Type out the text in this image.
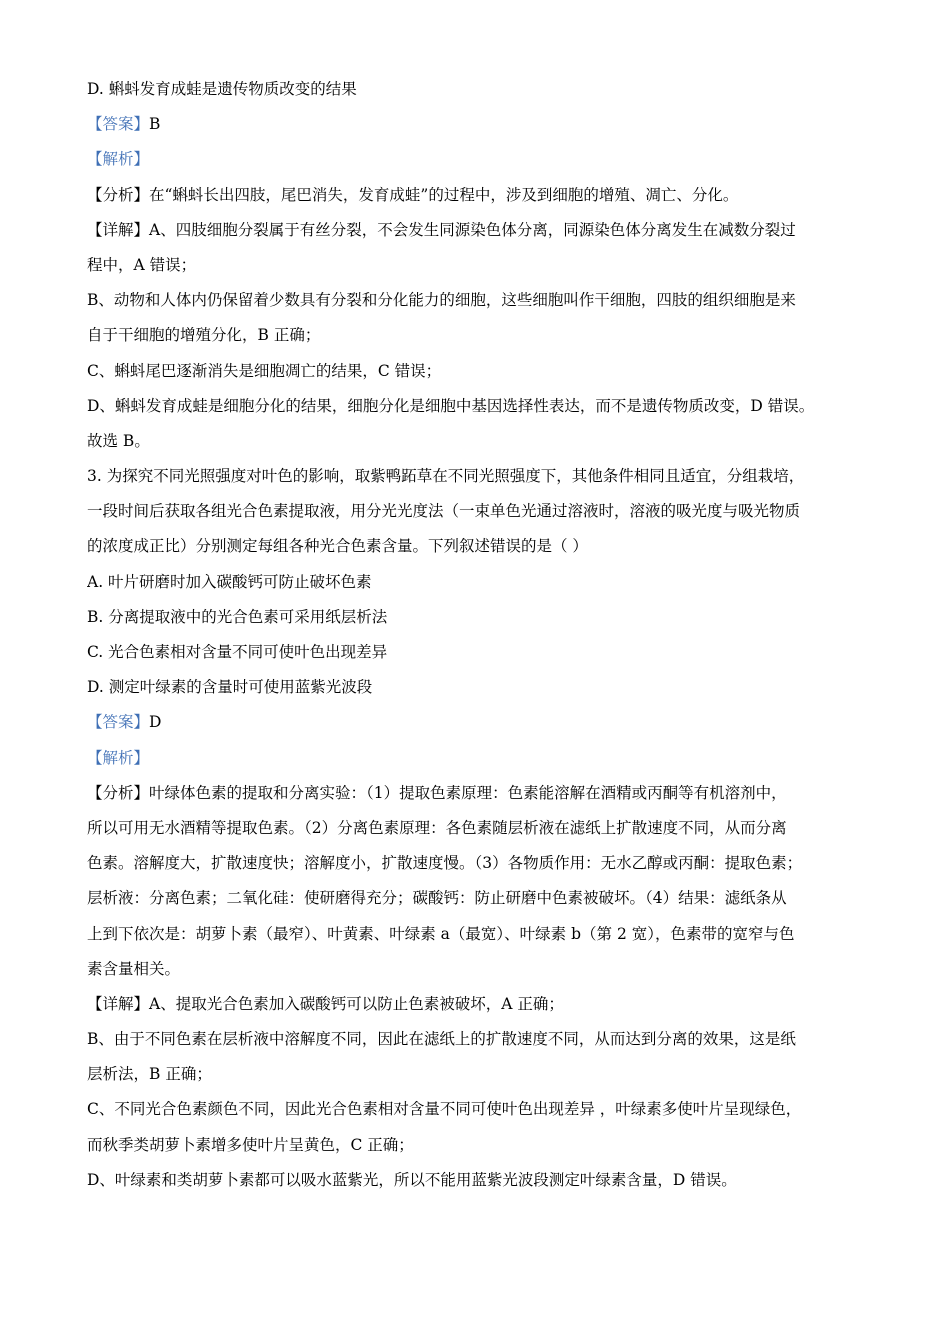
D. 蝌蚪发育成蛙是遗传物质改变的结果
【答案】B
【解析】
【分析】在“蝌蚪长出四肢，尾巴消失，发育成蛙”的过程中，涉及到细胞的增殖、凋亡、分化。
【详解】A、四肢细胞分裂属于有丝分裂，不会发生同源染色体分离，同源染色体分离发生在减数分裂过
程中，A 错误；
B、动物和人体内仍保留着少数具有分裂和分化能力的细胞，这些细胞叫作干细胞，四肢的组织细胞是来
自于干细胞的增殖分化，B 正确；
C、蝌蚪尾巴逐渐消失是细胞凋亡的结果，C 错误；
D、蝌蚪发育成蛙是细胞分化的结果，细胞分化是细胞中基因选择性表达，而不是遗传物质改变，D 错误。
故选 B。
3. 为探究不同光照强度对叶色的影响，取紫鸭跖草在不同光照强度下，其他条件相同且适宜，分组栽培，
一段时间后获取各组光合色素提取液，用分光光度法（一束单色光通过溶液时，溶液的吸光度与吸光物质
的浓度成正比）分别测定每组各种光合色素含量。下列叙述错误的是（ ）
A. 叶片研磨时加入碳酸钙可防止破坏色素
B. 分离提取液中的光合色素可采用纸层析法
C. 光合色素相对含量不同可使叶色出现差异
D. 测定叶绿素的含量时可使用蓝紫光波段
【答案】D
【解析】
【分析】叶绿体色素的提取和分离实验：（1）提取色素原理：色素能溶解在酒精或丙酮等有机溶剂中，
所以可用无水酒精等提取色素。（2）分离色素原理：各色素随层析液在滤纸上扩散速度不同，从而分离
色素。溶解度大，扩散速度快；溶解度小，扩散速度慢。（3）各物质作用：无水乙醇或丙酮：提取色素；
层析液：分离色素；二氧化硅：使研磨得充分；碳酸钙：防止研磨中色素被破坏。（4）结果：滤纸条从
上到下依次是：胡萝卜素（最窄）、叶黄素、叶绿素 a（最宽）、叶绿素 b（第 2 宽），色素带的宽窄与色
素含量相关。
【详解】A、提取光合色素加入碳酸钙可以防止色素被破坏，A 正确；
B、由于不同色素在层析液中溶解度不同，因此在滤纸上的扩散速度不同，从而达到分离的效果，这是纸
层析法，B 正确；
C、不同光合色素颜色不同，因此光合色素相对含量不同可使叶色出现差异 ，叶绿素多使叶片呈现绿色，
而秋季类胡萝卜素增多使叶片呈黄色，C 正确；
D、叶绿素和类胡萝卜素都可以吸水蓝紫光，所以不能用蓝紫光波段测定叶绿素含量，D 错误。
